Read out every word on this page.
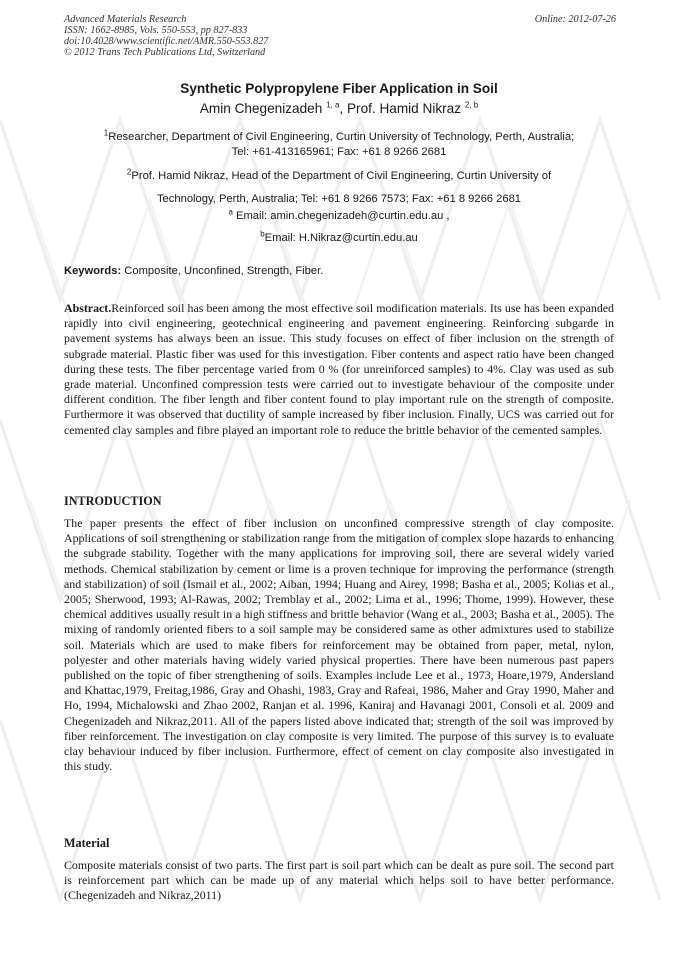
Advanced Materials Research
ISSN: 1662-8985, Vols. 550-553, pp 827-833
doi:10.4028/www.scientific.net/AMR.550-553.827
© 2012 Trans Tech Publications Ltd, Switzerland
Online: 2012-07-26
Synthetic Polypropylene Fiber Application in Soil
Amin Chegenizadeh $^{1, a}$, Prof. Hamid Nikraz $^{2, b}$
$^1$Researcher, Department of Civil Engineering, Curtin University of Technology, Perth, Australia;
Tel: +61-413165961; Fax: +61 8 9266 2681
$^2$Prof. Hamid Nikraz, Head of the Department of Civil Engineering, Curtin University of
Technology, Perth, Australia; Tel: +61 8 9266 7573; Fax: +61 8 9266 2681
$^a$ Email: amin.chegenizadeh@curtin.edu.au ,
$^b$Email: H.Nikraz@curtin.edu.au
Keywords: Composite, Unconfined, Strength, Fiber.
Abstract.Reinforced soil has been among the most effective soil modification materials. Its use has been expanded rapidly into civil engineering, geotechnical engineering and pavement engineering. Reinforcing subgarde in pavement systems has always been an issue. This study focuses on effect of fiber inclusion on the strength of subgrade material. Plastic fiber was used for this investigation. Fiber contents and aspect ratio have been changed during these tests. The fiber percentage varied from 0 % (for unreinforced samples) to 4%. Clay was used as sub grade material. Unconfined compression tests were carried out to investigate behaviour of the composite under different condition. The fiber length and fiber content found to play important rule on the strength of composite. Furthermore it was observed that ductility of sample increased by fiber inclusion. Finally, UCS was carried out for cemented clay samples and fibre played an important role to reduce the brittle behavior of the cemented samples.
INTRODUCTION
The paper presents the effect of fiber inclusion on unconfined compressive strength of clay composite. Applications of soil strengthening or stabilization range from the mitigation of complex slope hazards to enhancing the subgrade stability. Together with the many applications for improving soil, there are several widely varied methods. Chemical stabilization by cement or lime is a proven technique for improving the performance (strength and stabilization) of soil (Ismail et al., 2002; Aiban, 1994; Huang and Airey, 1998; Basha et al., 2005; Kolias et al., 2005; Sherwood, 1993; Al-Rawas, 2002; Tremblay et al., 2002; Lima et al., 1996; Thome, 1999). However, these chemical additives usually result in a high stiffness and brittle behavior (Wang et al., 2003; Basha et al., 2005). The mixing of randomly oriented fibers to a soil sample may be considered same as other admixtures used to stabilize soil. Materials which are used to make fibers for reinforcement may be obtained from paper, metal, nylon, polyester and other materials having widely varied physical properties. There have been numerous past papers published on the topic of fiber strengthening of soils. Examples include Lee et al., 1973, Hoare,1979, Andersland and Khattac,1979, Freitag,1986, Gray and Ohashi, 1983, Gray and Rafeai, 1986, Maher and Gray 1990, Maher and Ho, 1994, Michalowski and Zhao 2002, Ranjan et al. 1996, Kaniraj and Havanagi 2001, Consoli et al. 2009 and Chegenizadeh and Nikraz,2011. All of the papers listed above indicated that; strength of the soil was improved by fiber reinforcement. The investigation on clay composite is very limited. The purpose of this survey is to evaluate clay behaviour induced by fiber inclusion. Furthermore, effect of cement on clay composite also investigated in this study.
Material
Composite materials consist of two parts. The first part is soil part which can be dealt as pure soil. The second part is reinforcement part which can be made up of any material which helps soil to have better performance. (Chegenizadeh and Nikraz,2011)
